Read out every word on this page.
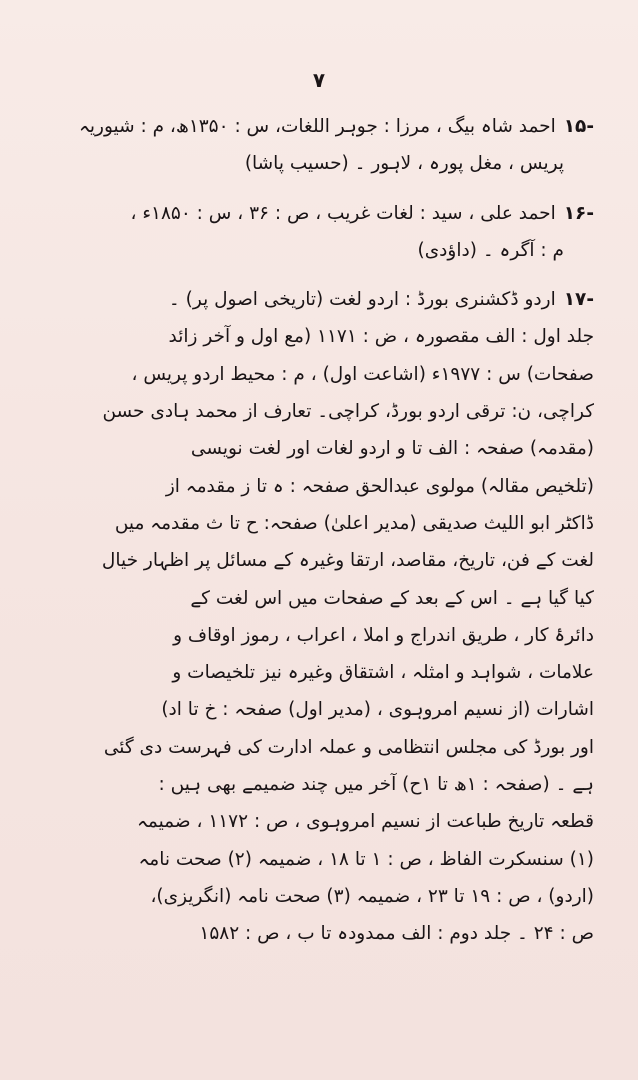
۷
-۱۵احمد شاہ بیگ ، مرزا : جوہر اللغات، س : ۱۳۵۰ھ، م : شیوریہ
پریس ، مغل پورہ ، لاہور ۔ (حسیب پاشا)
-۱۶احمد علی ، سید : لغات غریب ، ص : ۳۶ ، س : ۱۸۵۰ء ،
م : آگرہ ۔ (داؤدی)
-۱۷اردو ڈکشنری بورڈ : اردو لغت (تاریخی اصول پر) ۔
جلد اول : الف مقصورہ ، ض : ۱۱۷۱ (مع اول و آخر زائد
صفحات) س : ۱۹۷۷ء (اشاعت اول) ، م : محیط اردو پریس ،
کراچی، ن: ترقی اردو بورڈ، کراچی۔ تعارف از محمد ہادی حسن
(مقدمہ) صفحہ : الف تا و اردو لغات اور لغت نویسی
(تلخیص مقالہ) مولوی عبدالحق صفحہ : ہ تا ز مقدمہ از
ڈاکٹر ابو اللیث صدیقی (مدیر اعلیٰ) صفحہ: ح تا ث مقدمہ میں
لغت کے فن، تاریخ، مقاصد، ارتقا وغیرہ کے مسائل پر اظہار خیال
کیا گیا ہے ۔ اس کے بعد کے صفحات میں اس لغت کے
دائرۂ کار ، طریق اندراج و املا ، اعراب ، رموز اوقاف و
علامات ، شواہد و امثلہ ، اشتقاق وغیرہ نیز تلخیصات و
اشارات (از نسیم امروہوی ، (مدیر اول) صفحہ : خ تا اد)
اور بورڈ کی مجلس انتظامی و عملہ ادارت کی فہرست دی گئی
ہے ۔ (صفحہ : ۱ھ تا ۱ح) آخر میں چند ضمیمے بھی ہیں :
قطعہ تاریخ طباعت از نسیم امروہوی ، ص : ۱۱۷۲ ، ضمیمہ
(۱) سنسکرت الفاظ ، ص : ۱ تا ۱۸ ، ضمیمہ (۲) صحت نامہ
(اردو) ، ص : ۱۹ تا ۲۳ ، ضمیمہ (۳) صحت نامہ (انگریزی)،
ص : ۲۴ ۔ جلد دوم : الف ممدودہ تا ب ، ص : ۱۵۸۲
